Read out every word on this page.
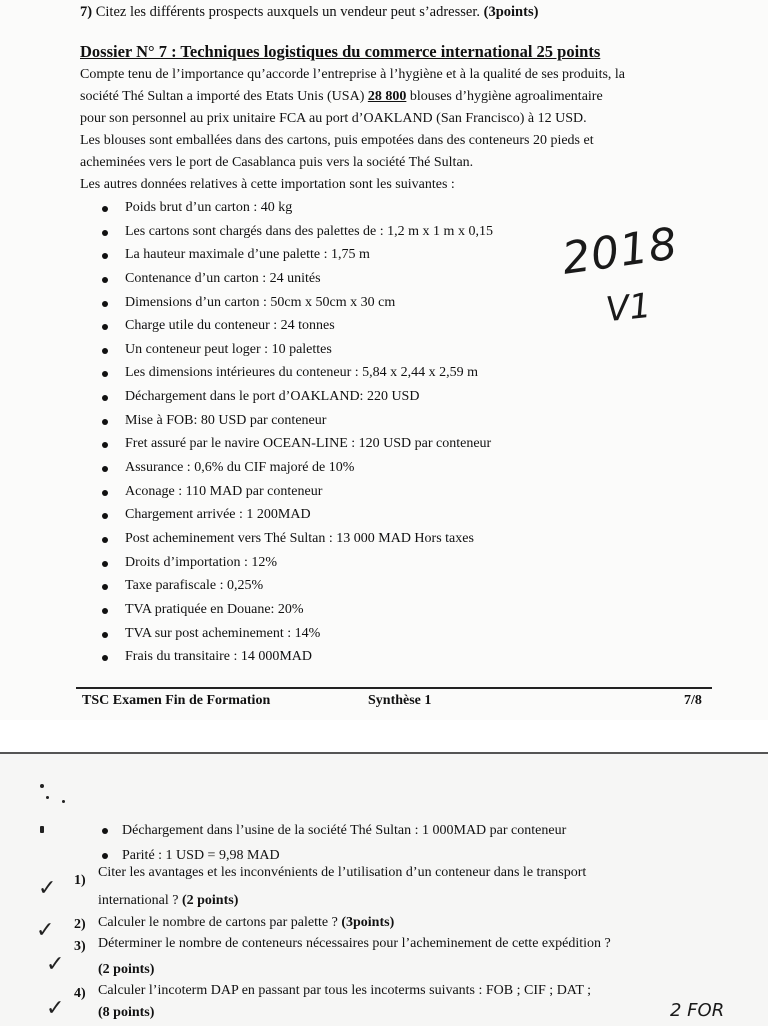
7) Citez les différents prospects auxquels un vendeur peut s’adresser. (3points)
Dossier N° 7 : Techniques logistiques du commerce international 25 points
Compte tenu de l’importance qu’accorde l’entreprise à l’hygiène et à la qualité de ses produits, la
société Thé Sultan a importé des Etats Unis (USA) 28 800 blouses d’hygiène agroalimentaire
pour son personnel au prix unitaire FCA au port d’OAKLAND (San Francisco) à 12 USD.
Les blouses sont emballées dans des cartons, puis empotées dans des conteneurs 20 pieds et
acheminées vers le port de Casablanca puis vers la société Thé Sultan.
Les autres données relatives à cette importation sont les suivantes :
Poids brut d’un carton : 40 kg
Les cartons sont chargés dans des palettes de : 1,2 m x 1 m x 0,15
La hauteur maximale d’une palette : 1,75 m
Contenance d’un carton : 24 unités
Dimensions d’un carton : 50cm x 50cm x 30 cm
Charge utile du conteneur : 24 tonnes
Un conteneur peut loger : 10 palettes
Les dimensions intérieures du conteneur : 5,84 x 2,44 x 2,59 m
Déchargement dans le port d’OAKLAND: 220 USD
Mise à FOB: 80 USD par conteneur
Fret assuré par le navire OCEAN-LINE : 120 USD par conteneur
Assurance : 0,6% du CIF majoré de 10%
Aconage : 110 MAD par conteneur
Chargement arrivée : 1 200MAD
Post acheminement vers Thé Sultan : 13 000 MAD Hors taxes
Droits d’importation : 12%
Taxe parafiscale : 0,25%
TVA pratiquée en Douane: 20%
TVA sur post acheminement : 14%
Frais du transitaire : 14 000MAD
2018
V1
TSC Examen Fin de Formation	Synthèse 1	7/8
Déchargement dans l’usine de la société Thé Sultan : 1 000MAD par conteneur
Parité : 1 USD = 9,98 MAD
✓ 1)
Citer les avantages et les inconvénients de l’utilisation d’un conteneur dans le transport
international ? (2 points)
✓ 2) Calculer le nombre de cartons par palette ? (3points)
✓
3) Déterminer le nombre de conteneurs nécessaires pour l’acheminement de cette expédition ?
(2 points)
✓
4) Calculer l’incoterm DAP en passant par tous les incoterms suivants : FOB ; CIF ; DAT ;
(8 points)	2 FOR
